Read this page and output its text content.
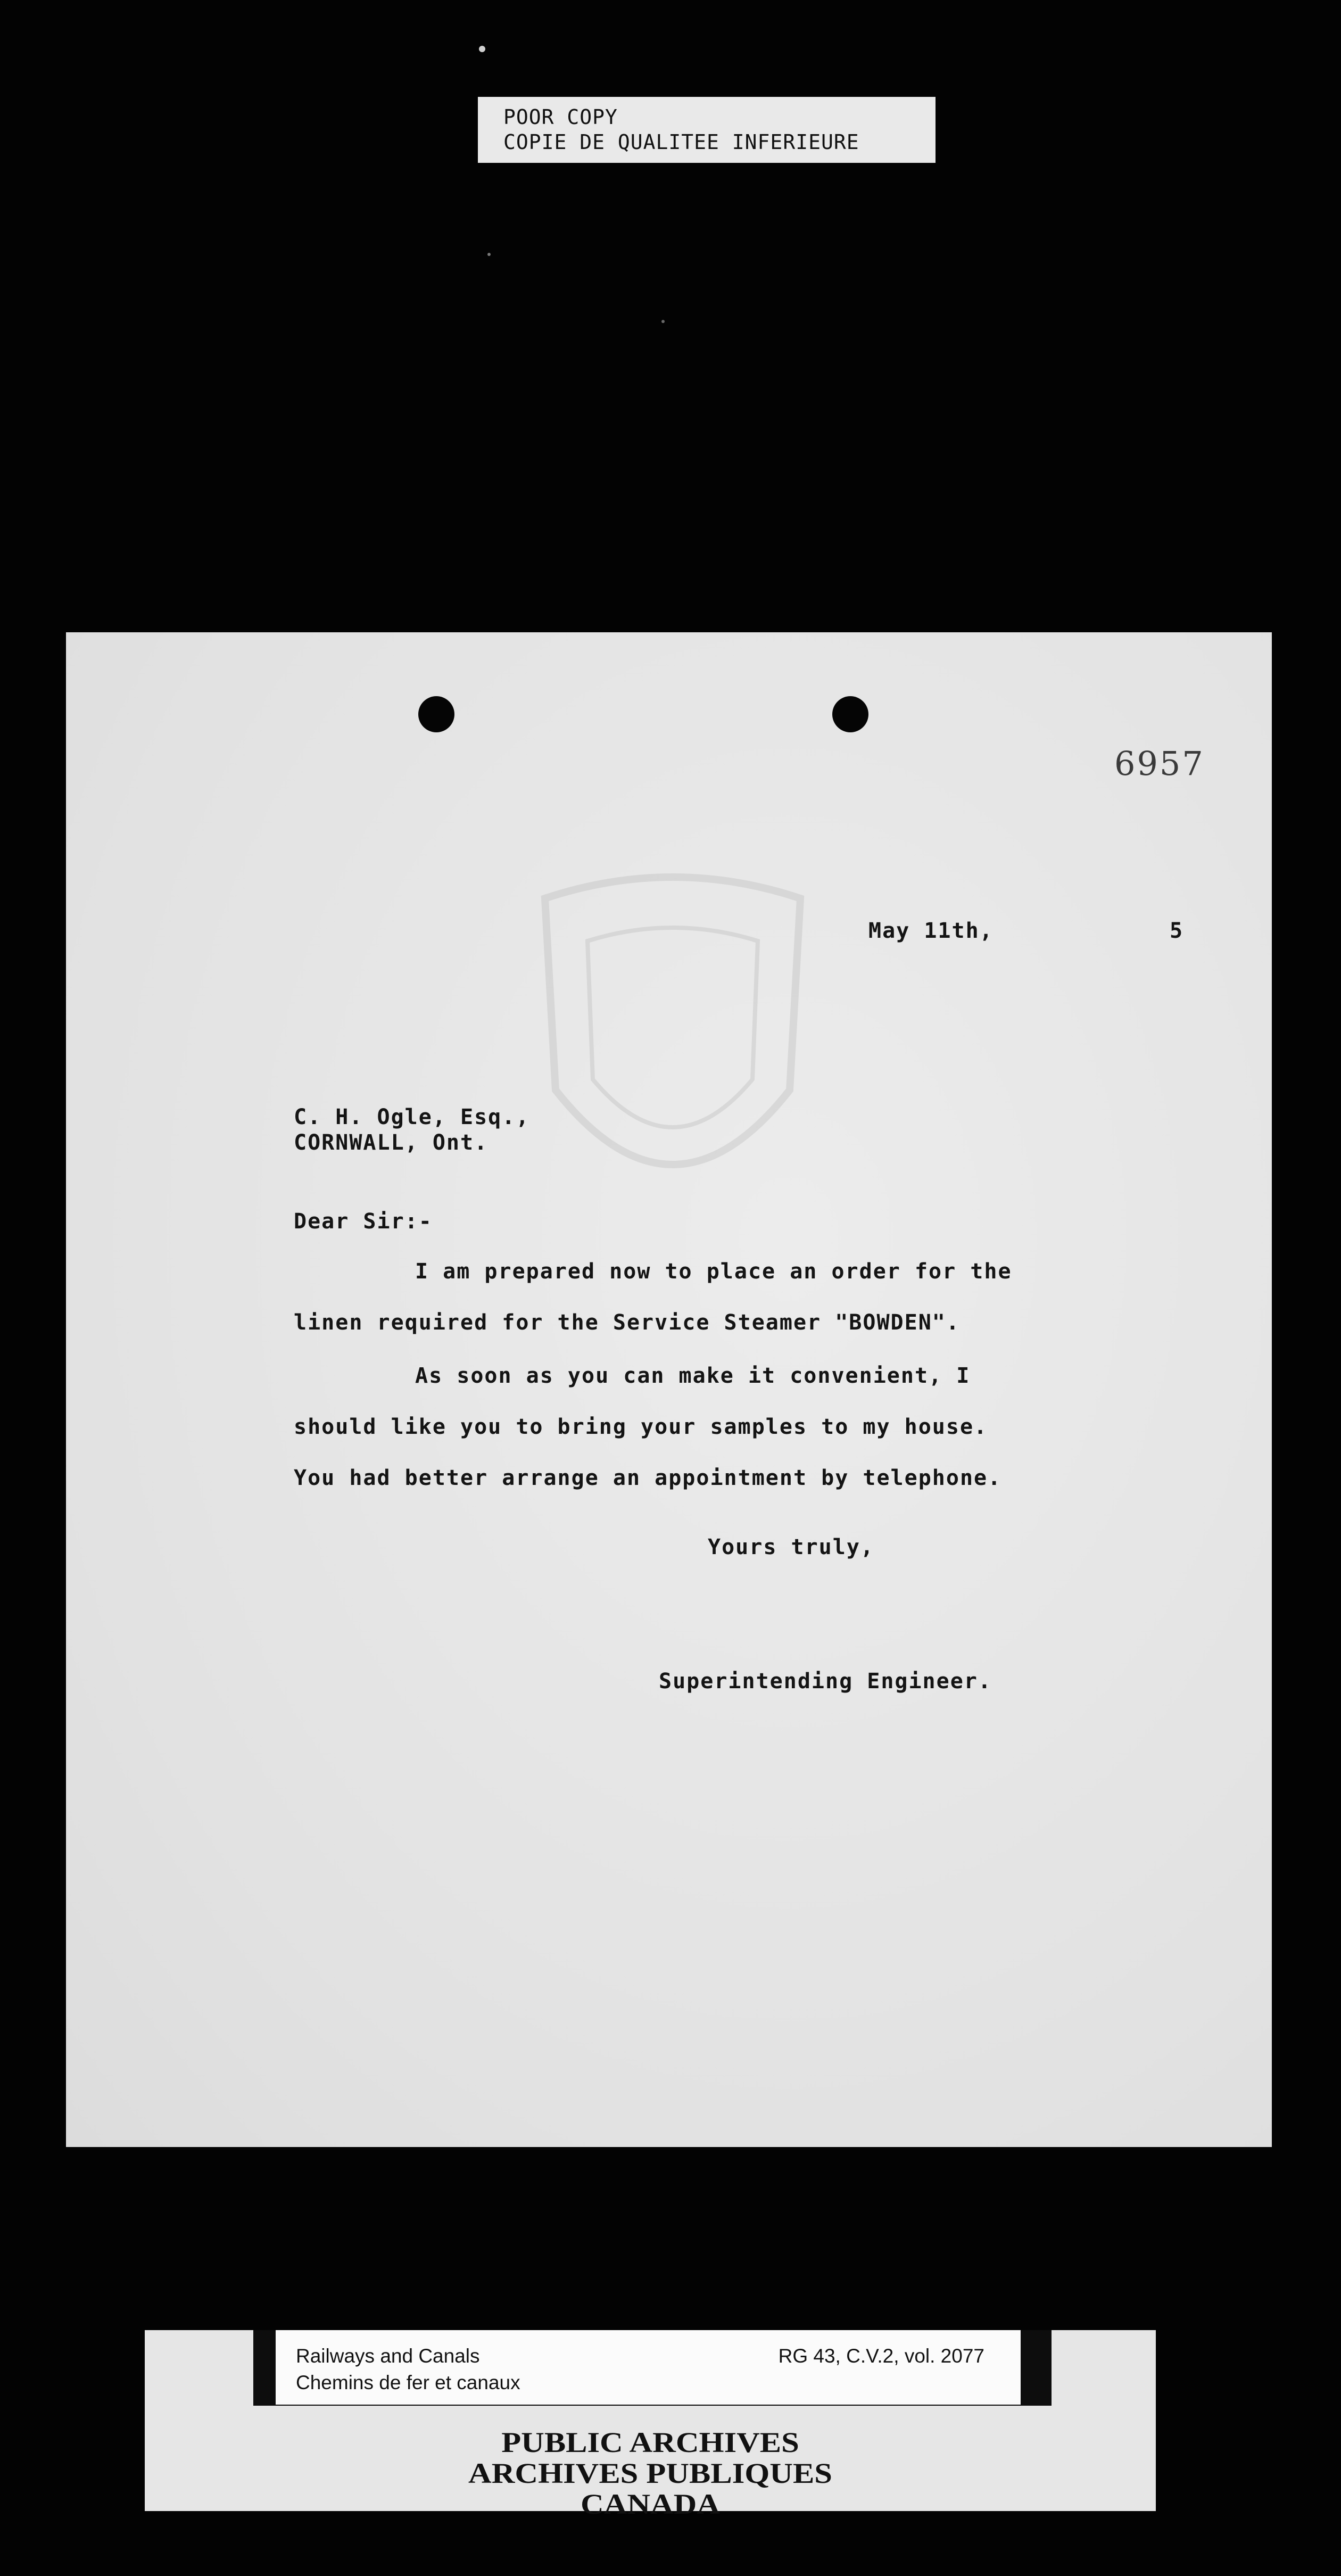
POOR COPY
COPIE DE QUALITEE INFERIEURE
6957
May 11th,	5
C. H. Ogle, Esq.,
CORNWALL, Ont.
Dear Sir:-
I am prepared now to place an order for the
linen required for the Service Steamer "BOWDEN".
As soon as you can make it convenient, I
should like you to bring your samples to my house.
You had better arrange an appointment by telephone.
Yours truly,
Superintending Engineer.
Railways and Canals
Chemins de fer et canaux
RG 43, C.V.2, vol. 2077
PUBLIC ARCHIVES
ARCHIVES PUBLIQUES
CANADA
